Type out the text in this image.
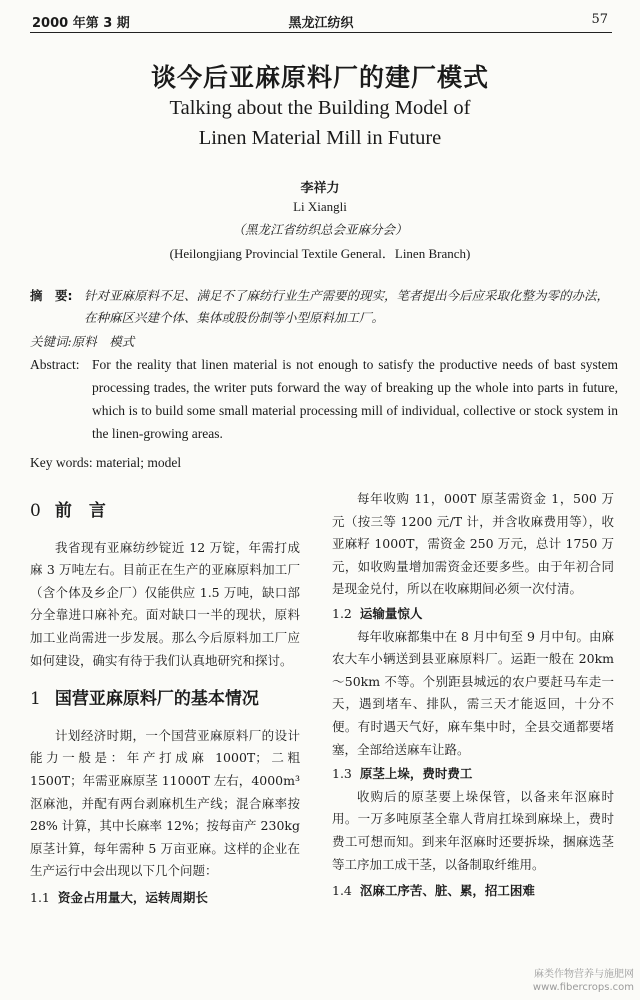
2000 年第 3 期	黑龙江纺织	57
谈今后亚麻原料厂的建厂模式
Talking about the Building Model of
Linen Material Mill in Future
李祥力
Li Xiangli
（黑龙江省纺织总会亚麻分会）
(Heilongjiang Provincial Textile General．Linen Branch)
摘　要: 针对亚麻原料不足、满足不了麻纺行业生产需要的现实，笔者提出今后应采取化整为零的办法，在种麻区兴建个体、集体或股份制等小型原料加工厂。
关键词:原料　模式
Abstract: For the reality that linen material is not enough to satisfy the productive needs of bast system processing trades, the writer puts forward the way of breaking up the whole into parts in future, which is to build some small material processing mill of individual, collective or stock system in the linen-growing areas.
Key words: material; model
0 前　言

我省现有亚麻纺纱锭近 12 万锭，年需打成麻 3 万吨左右。目前正在生产的亚麻原料加工厂（含个体及乡企厂）仅能供应 1.5 万吨，缺口部分全靠进口麻补充。面对缺口一半的现状，原料加工业尚需进一步发展。那么今后原料加工厂应如何建设，确实有待于我们认真地研究和探讨。

1 国营亚麻原料厂的基本情况

计划经济时期，一个国营亚麻原料厂的设计能力一般是：年产打成麻 1000T；二粗 1500T；年需亚麻原茎 11000T 左右，4000m³ 沤麻池，并配有两台剥麻机生产线；混合麻率按 28% 计算，其中长麻率 12%；按每亩产 230kg 原茎计算，每年需种 5 万亩亚麻。这样的企业在生产运行中会出现以下几个问题：

1.1 资金占用量大，运转周期长

每年收购 11，000T 原茎需资金 1，500 万元（按三等 1200 元/T 计，并含收麻费用等），收亚麻籽 1000T，需资金 250 万元，总计 1750 万元，如收购量增加需资金还要多些。由于年初合同是现金兑付，所以在收麻期间必须一次付清。

1.2 运输量惊人

每年收麻都集中在 8 月中旬至 9 月中旬。由麻农大车小辆送到县亚麻原料厂。运距一般在 20km～50km 不等。个别距县城远的农户要赶马车走一天，遇到堵车、排队，需三天才能返回，十分不便。有时遇天气好，麻车集中时，全县交通都要堵塞，全部给送麻车让路。

1.3 原茎上垛，费时费工

收购后的原茎要上垛保管，以备来年沤麻时用。一万多吨原茎全靠人背肩扛垛到麻垛上，费时费工可想而知。到来年沤麻时还要拆垛，捆麻选茎等工序加工成干茎，以备制取纤维用。

1.4 沤麻工序苦、脏、累，招工困难
麻类作物营养与施肥网
www.fibercrops.com
